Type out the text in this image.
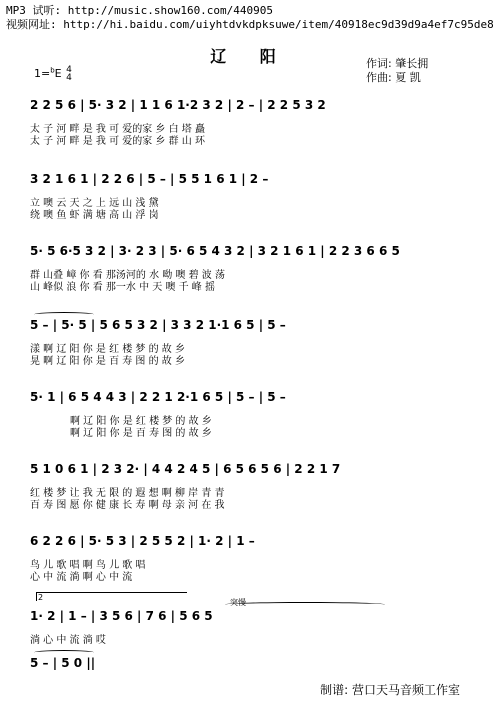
MP3 试听: http://music.show160.com/440905
视频网址: http://hi.baidu.com/uiyhtdvkdpksuwe/item/40918ec9d39d9a4ef7c95de8
辽 阳	作词: 肇长拥
作曲: 夏 凯
1=$^b$E 4
4
2 2 5 6 | 5· 3 2 | 1 1 6 1·2 3 2 | 2 – | 2 2 5 3 2
太 子 河 畔 是 我 可 爱的家 乡 白 塔 矗
太 子 河 畔 是 我 可 爱的家 乡 群 山 环
3 2 1 6 1 | 2 2 6 | 5 – | 5 5 1 6 1 | 2 –
立 噢 云 天 之 上 远 山 浅 黛
绕 噢 鱼 虾 满 塘 高 山 浮 岗
5· 5 6·5 3 2 | 3· 2 3 | 5· 6 5 4 3 2 | 3 2 1 6 1 | 2 2 3 6 6 5
群 山叠 嶂 你 看 那汤河的 水 呦 噢 碧 波 荡
山 峰似 浪 你 看 那一水 中 天 噢 千 峰 摇
5 – | 5· 5 | 5 6 5 3 2 | 3 3 2 1·1 6 5 | 5 –
漾 啊 辽 阳 你 是 红 楼 梦 的 故 乡
晃 啊 辽 阳 你 是 百 寿 图 的 故 乡
5· 1 | 6 5 4 4 3 | 2 2 1 2·1 6 5 | 5 – | 5 –
啊 辽 阳 你 是 红 楼 梦 的 故 乡
啊 辽 阳 你 是 百 寿 图 的 故 乡
5 1 0 6 1 | 2 3 2· | 4 4 2 4 5 | 6 5 6 5 6 | 2 2 1 7
红 楼 梦 让 我 无 限 的 遐 想 啊 柳 岸 青 青
百 寿 图 愿 你 健 康 长 寿 啊 母 亲 河 在 我
6 2 2 6 | 5· 5 3 | 2 5 5 2 | 1· 2 | 1 –
鸟 儿 歌 唱 啊 鸟 儿 歌 唱
心 中 流 淌 啊 心 中 流
2
突慢
1· 2 | 1 – | 3 5 6 | 7 6 | 5 6 5
淌 心 中 流 淌 哎
5 – | 5 0 ||
制谱: 营口天马音频工作室
